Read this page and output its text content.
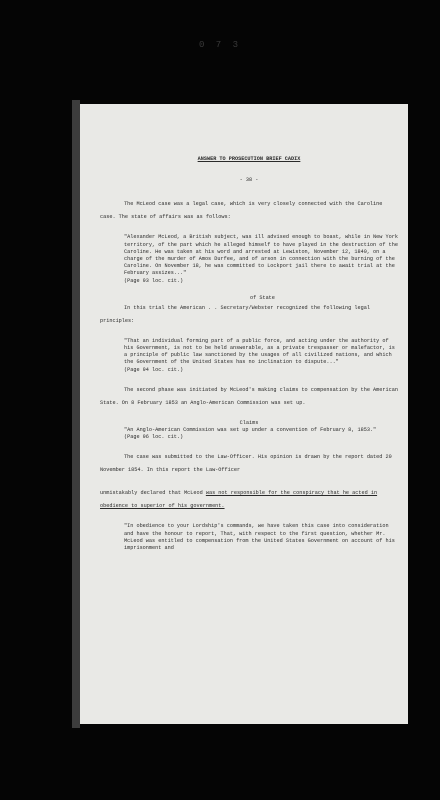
0 7 3
ANSWER TO PROSECUTION BRIEF CADIX
- 38 -

The McLeod case was a legal case, which is very closely connected with the Caroline case. The state of affairs was as follows:

"Alexander McLeod, a British subject, was ill advised enough to boast, while in New York territory, of the part which he alleged himself to have played in the destruction of the Caroline. He was taken at his word and arrested at Lewiston, November 12, 1840, on a charge of the murder of Amos Durfee, and of arson in connection with the burning of the Caroline. On November 18, he was committed to Lockport jail there to await trial at the February assizes..."
(Page 93 loc. cit.)
of State

In this trial the American . . Secretary/Webster recognized the following legal principles:

"That an individual forming part of a public force, and acting under the authority of his Government, is not to be held answerable, as a private trespasser or malefactor, is a principle of public law sanctioned by the usages of all civilized nations, and which the Government of the United States has no inclination to dispute..."
(Page 94 loc. cit.)

The second phase was initiated by McLeod's making claims to compensation by the American State. On 8 February 1853 an Anglo-American Commission was set up.

Claims
"An Anglo-American Commission was set up under a convention of February 8, 1853."
(Page 96 loc. cit.)

The case was submitted to the Law-Officer. His opinion is drawn by the report dated 20 November 1854. In this report the Law-Officer

unmistakably declared that McLeod was not responsible for the conspiracy that he acted in obedience to superior of his government.

"In obedience to your Lordship's commands, we have taken this case into consideration and have the honour to report, That, with respect to the first question, whether Mr. McLeod was entitled to compensation from the United States Government on account of his imprisonment and
